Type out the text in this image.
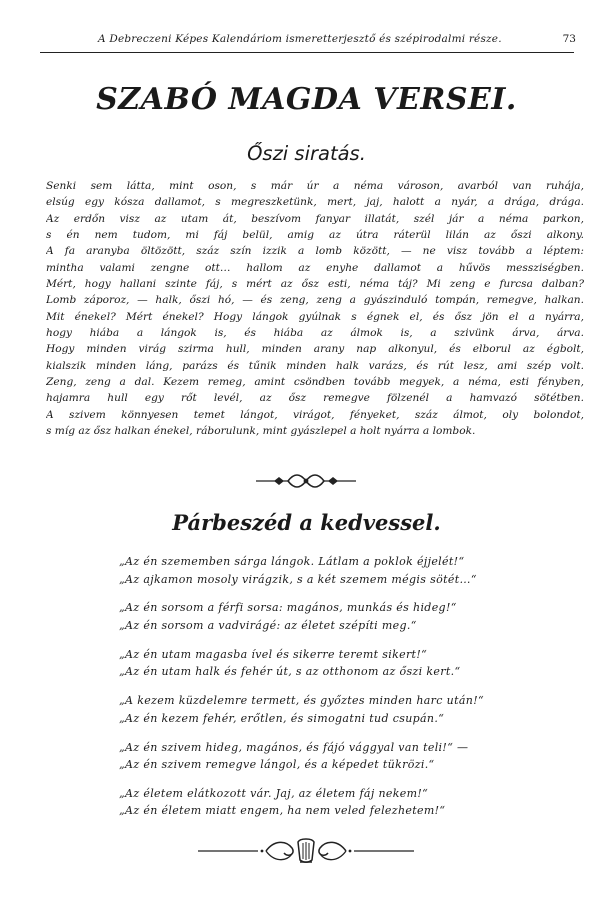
A Debreczeni Képes Kalendáriom ismeretterjesztő és szépirodalmi része.	73
SZABÓ MAGDA VERSEI.
Őszi siratás.
Senki sem látta, mint oson, s már úr a néma városon, avarból van ruhája,
elsúg egy kósza dallamot, s megreszketünk, mert, jaj, halott a nyár, a drága, drága.
Az erdőn visz az utam át, beszívom fanyar illatát, szél jár a néma parkon,
s én nem tudom, mi fáj belül, amig az útra ráterül lilán az őszi alkony.
A fa aranyba öltözött, száz szín izzik a lomb között, — ne visz tovább a léptem:
mintha valami zengne ott… hallom az enyhe dallamot a hűvös messziségben.
Mért, hogy hallani szinte fáj, s mért az ősz esti, néma táj? Mi zeng e furcsa dalban?
Lomb záporoz, — halk, őszi hó, — és zeng, zeng a gyászinduló tompán, remegve, halkan.
Mit énekel? Mért énekel? Hogy lángok gyúlnak s égnek el, és ősz jön el a nyárra,
hogy hiába a lángok is, és hiába az álmok is, a szivünk árva, árva.
Hogy minden virág szirma hull, minden arany nap alkonyul, és elborul az égbolt,
kialszik minden láng, parázs és tűnik minden halk varázs, és rút lesz, ami szép volt.
Zeng, zeng a dal. Kezem remeg, amint csöndben tovább megyek, a néma, esti fényben,
hajamra hull egy rőt levél, az ősz remegve fölzenél a hamvazó sötétben.
A szivem könnyesen temet lángot, virágot, fényeket, száz álmot, oly bolondot,
s míg az ősz halkan énekel, ráborulunk, mint gyászlepel a holt nyárra a lombok.
Párbeszéd a kedvessel.
„Az én szememben sárga lángok. Látlam a poklok éjjelét!“
„Az ajkamon mosoly virágzik, s a két szemem mégis sötét…“
„Az én sorsom a férfi sorsa: magános, munkás és hideg!“
„Az én sorsom a vadvirágé: az életet szépíti meg.“
„Az én utam magasba ível és sikerre teremt sikert!“
„Az én utam halk és fehér út, s az otthonom az őszi kert.“
„A kezem küzdelemre termett, és győztes minden harc után!“
„Az én kezem fehér, erőtlen, és simogatni tud csupán.“
„Az én szivem hideg, magános, és fájó vággyal van teli!“ —
„Az én szivem remegve lángol, és a képedet tükrözi.“
„Az életem elátkozott vár. Jaj, az életem fáj nekem!“
„Az én életem miatt engem, ha nem veled felezhetem!“
